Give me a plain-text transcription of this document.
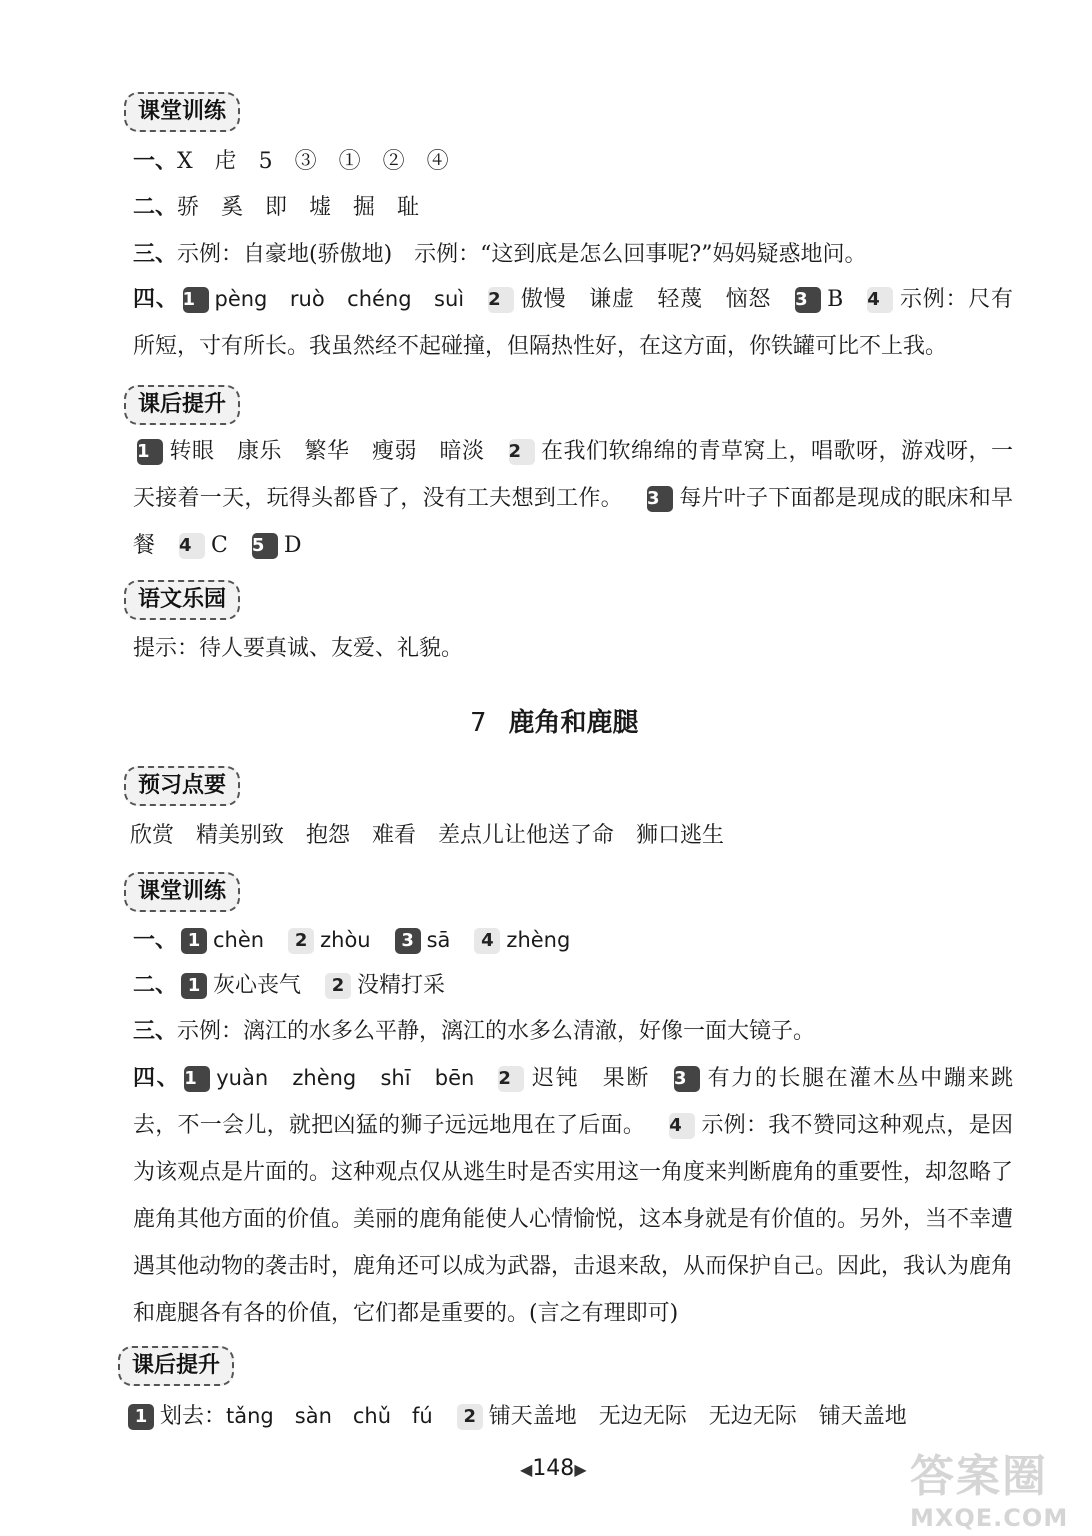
课堂训练
一、X　虍　5　③　①　②　④
二、骄　奚　即　墟　掘　耻
三、示例：自豪地(骄傲地)　示例：“这到底是怎么回事呢?”妈妈疑惑地问。
四、 1 pèng　ruò　chéng　suì 2 傲慢　谦虚　轻蔑　恼怒 3 B 4 示例：尺有所短，寸有所长。我虽然经不起碰撞，但隔热性好，在这方面，你铁罐可比不上我。
课后提升
1 转眼　康乐　繁华　瘦弱　暗淡 2 在我们软绵绵的青草窝上，唱歌呀，游戏呀，一天接着一天，玩得头都昏了，没有工夫想到工作。 3 每片叶子下面都是现成的眠床和早餐 4 C 5 D
语文乐园
提示：待人要真诚、友爱、礼貌。
7 鹿角和鹿腿
预习点要
欣赏　精美别致　抱怨　难看　差点儿让他送了命　狮口逃生
课堂训练
一、 1 chèn 2 zhòu 3 sā 4 zhèng
二、 1 灰心丧气 2 没精打采
三、示例：漓江的水多么平静，漓江的水多么清澈，好像一面大镜子。
四、 1 yuàn　zhèng　shī　bēn 2 迟钝　果断 3 有力的长腿在灌木丛中蹦来跳去，不一会儿，就把凶猛的狮子远远地甩在了后面。 4 示例：我不赞同这种观点，是因为该观点是片面的。这种观点仅从逃生时是否实用这一角度来判断鹿角的重要性，却忽略了鹿角其他方面的价值。美丽的鹿角能使人心情愉悦，这本身就是有价值的。另外，当不幸遭遇其他动物的袭击时，鹿角还可以成为武器，击退来敌，从而保护自己。因此，我认为鹿角和鹿腿各有各的价值，它们都是重要的。(言之有理即可)
课后提升
1 划去：tǎng　sàn　chǔ　fú 2 铺天盖地　无边无际　无边无际　铺天盖地
◀148▶	答案圈
MXQE.COM
